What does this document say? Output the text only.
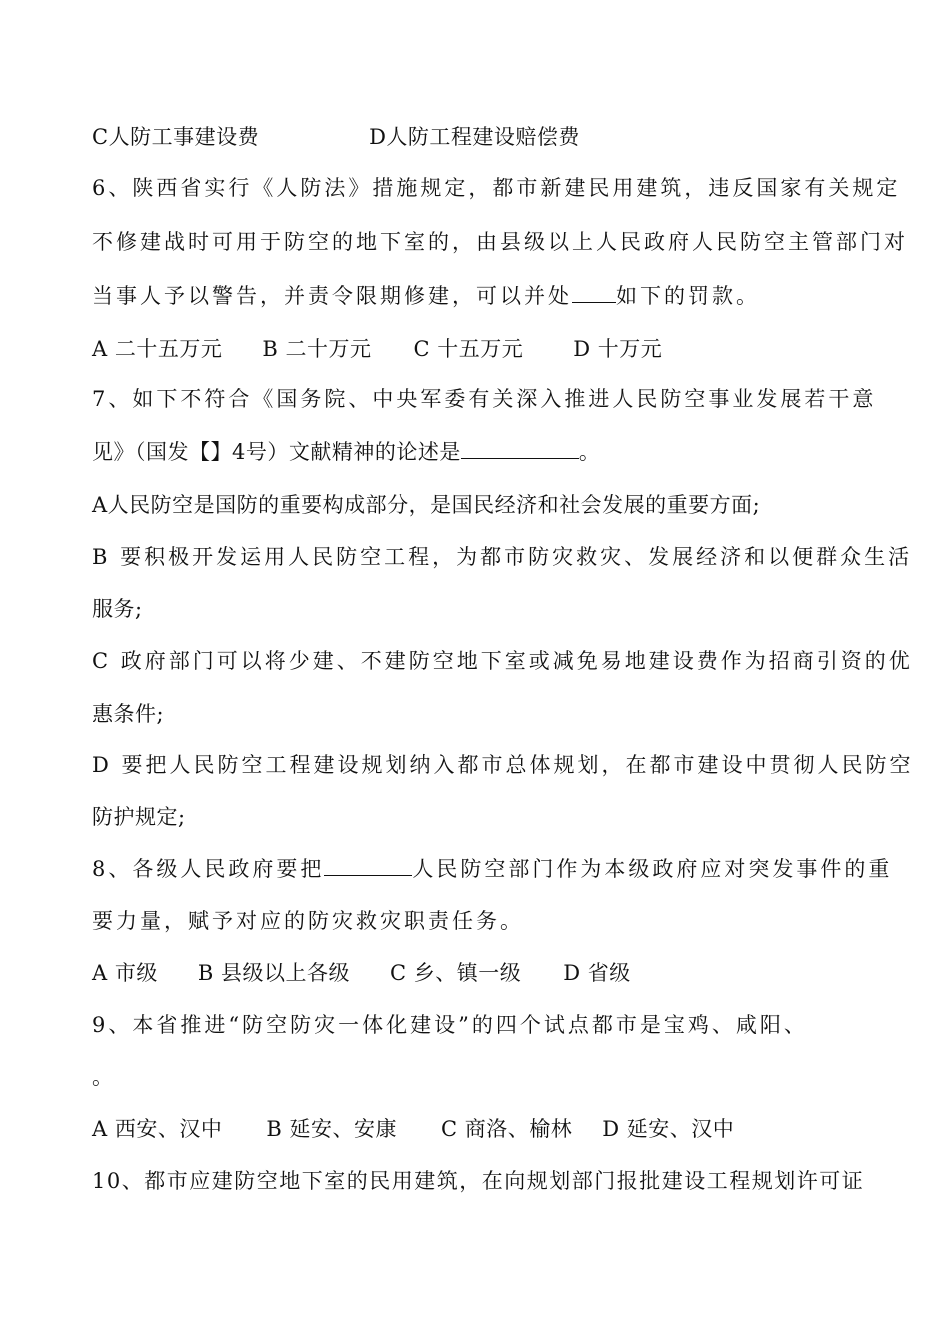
C人防工事建设费	D人防工程建设赔偿费
6、陕西省实行《人防法》措施规定，都市新建民用建筑，违反国家有关规定
不修建战时可用于防空的地下室的，由县级以上人民政府人民防空主管部门对
当事人予以警告，并责令限期修建，可以并处 如下的罚款。
A 二十五万元 B 二十万元 C 十五万元 D 十万元
7、如下不符合《国务院、中央军委有关深入推进人民防空事业发展若干意
见》（国发【】4号）文献精神的论述是	。
A人民防空是国防的重要构成部分，是国民经济和社会发展的重要方面;
B 要积极开发运用人民防空工程，为都市防灾救灾、发展经济和以便群众生活
服务;
C 政府部门可以将少建、不建防空地下室或减免易地建设费作为招商引资的优
惠条件;
D 要把人民防空工程建设规划纳入都市总体规划，在都市建设中贯彻人民防空
防护规定;
8、各级人民政府要把	人民防空部门作为本级政府应对突发事件的重
要力量，赋予对应的防灾救灾职责任务。
A 市级 B 县级以上各级 C 乡、镇一级 D 省级
9、本省推进“防空防灾一体化建设”的四个试点都市是宝鸡、咸阳、
。
A 西安、汉中 B 延安、安康 C 商洛、榆林 D 延安、汉中
10、都市应建防空地下室的民用建筑，在向规划部门报批建设工程规划许可证
